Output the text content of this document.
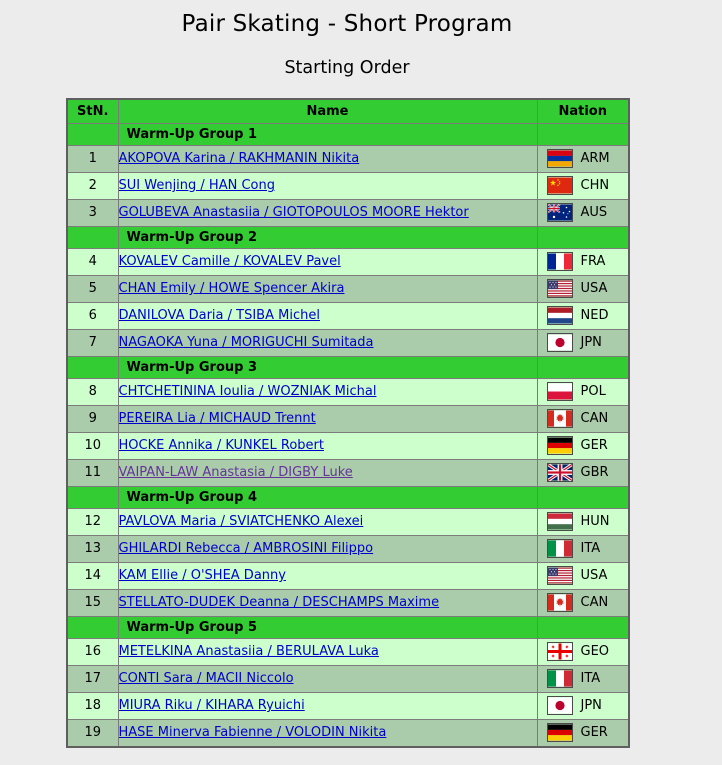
Pair Skating - Short Program
Starting Order
StN.	Name	Nation
	Warm-Up Group 1	
1	AKOPOVA Karina / RAKHMANIN Nikita	ARM

2	SUI Wenjing / HAN Cong	CHN

3	GOLUBEVA Anastasiia / GIOTOPOULOS MOORE Hektor	AUS

	Warm-Up Group 2	
4	KOVALEV Camille / KOVALEV Pavel	FRA

5	CHAN Emily / HOWE Spencer Akira	USA

6	DANILOVA Daria / TSIBA Michel	NED

7	NAGAOKA Yuna / MORIGUCHI Sumitada	JPN

	Warm-Up Group 3	
8	CHTCHETININA Ioulia / WOZNIAK Michal	POL

9	PEREIRA Lia / MICHAUD Trennt	CAN

10	HOCKE Annika / KUNKEL Robert	GER

11	VAIPAN-LAW Anastasia / DIGBY Luke	GBR

	Warm-Up Group 4	
12	PAVLOVA Maria / SVIATCHENKO Alexei	HUN

13	GHILARDI Rebecca / AMBROSINI Filippo	ITA

14	KAM Ellie / O'SHEA Danny	USA

15	STELLATO-DUDEK Deanna / DESCHAMPS Maxime	CAN

	Warm-Up Group 5	
16	METELKINA Anastasiia / BERULAVA Luka	GEO

17	CONTI Sara / MACII Niccolo	ITA

18	MIURA Riku / KIHARA Ryuichi	JPN

19	HASE Minerva Fabienne / VOLODIN Nikita	GER
